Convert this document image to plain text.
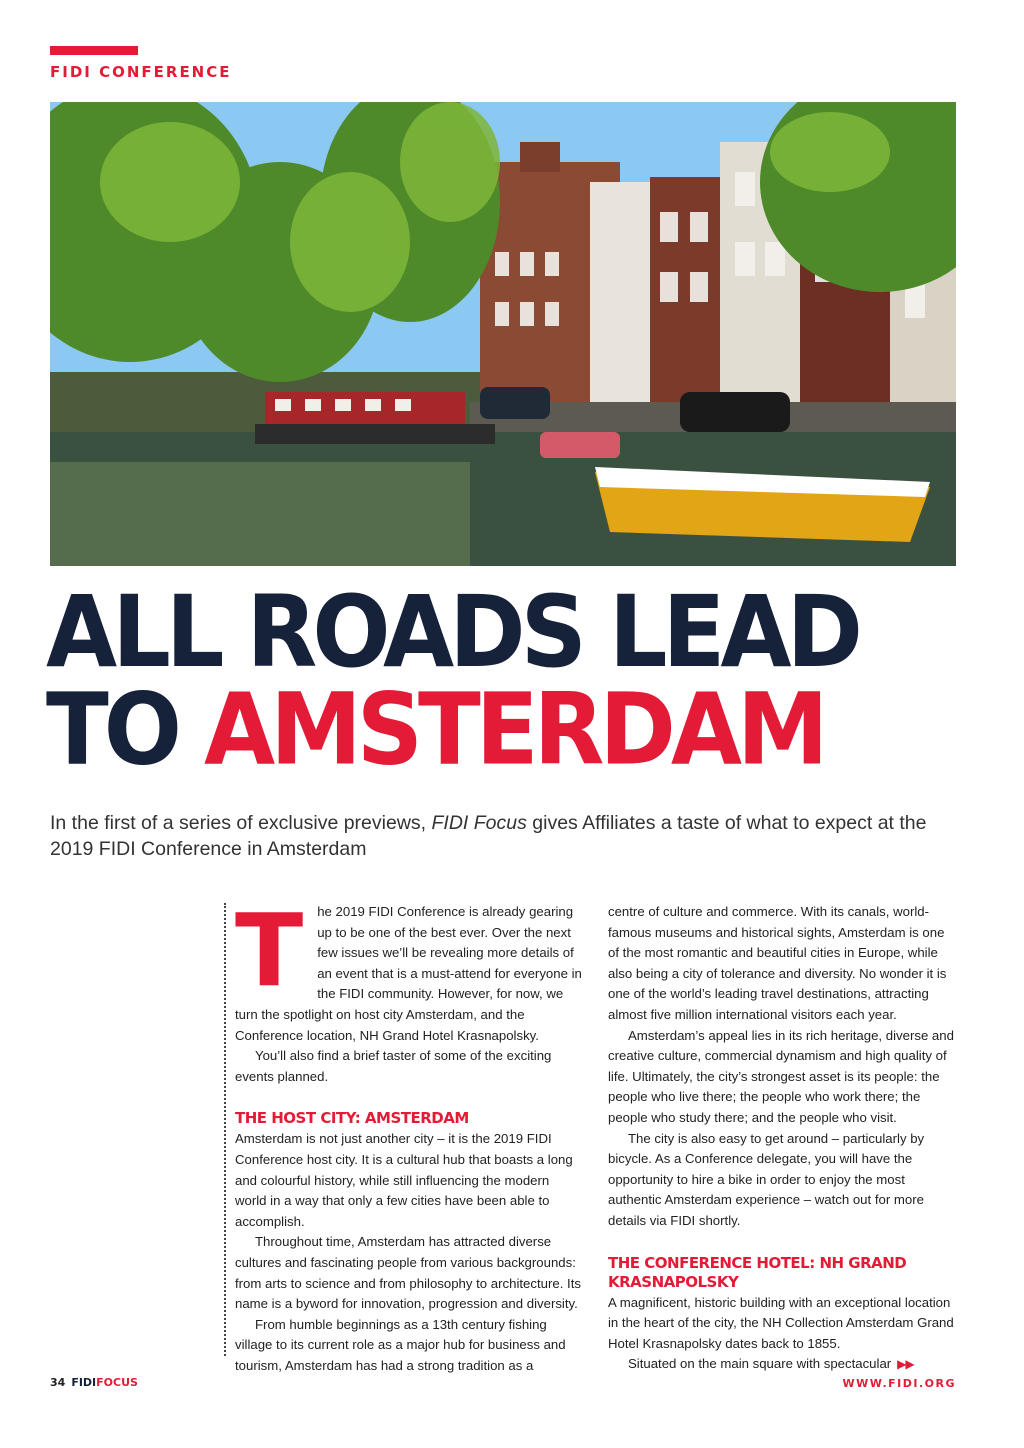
FIDI CONFERENCE
ALL ROADS LEAD
TO AMSTERDAM
In the first of a series of exclusive previews, FIDI Focus gives Affiliates a taste of what to expect at the 2019 FIDI Conference in Amsterdam
T	he 2019 FIDI Conference is already gearing up to be one of the best ever. Over the next few issues we’ll be revealing more details of an event that is a must-attend for everyone in the FIDI community. However, for now, we turn the spotlight on host city Amsterdam, and the Conference location, NH Grand Hotel Krasnapolsky.

You’ll also find a brief taster of some of the exciting events planned.

THE HOST CITY: AMSTERDAM

Amsterdam is not just another city – it is the 2019 FIDI Conference host city. It is a cultural hub that boasts a long and colourful history, while still influencing the modern world in a way that only a few cities have been able to accomplish.

Throughout time, Amsterdam has attracted diverse cultures and fascinating people from various backgrounds: from arts to science and from philosophy to architecture. Its name is a byword for innovation, progression and diversity.

From humble beginnings as a 13th century fishing village to its current role as a major hub for business and tourism, Amsterdam has had a strong tradition as a

centre of culture and commerce. With its canals, world-famous museums and historical sights, Amsterdam is one of the most romantic and beautiful cities in Europe, while also being a city of tolerance and diversity. No wonder it is one of the world’s leading travel destinations, attracting almost five million international visitors each year.

Amsterdam’s appeal lies in its rich heritage, diverse and creative culture, commercial dynamism and high quality of life. Ultimately, the city’s strongest asset is its people: the people who live there; the people who work there; the people who study there; and the people who visit.

The city is also easy to get around – particularly by bicycle. As a Conference delegate, you will have the opportunity to hire a bike in order to enjoy the most authentic Amsterdam experience – watch out for more details via FIDI shortly.

THE CONFERENCE HOTEL: NH GRAND KRASNAPOLSKY

A magnificent, historic building with an exceptional location in the heart of the city, the NH Collection Amsterdam Grand Hotel Krasnapolsky dates back to 1855.

Situated on the main square with spectacular ▶▶

34 FIDIFOCUS	WWW.FIDI.ORG
